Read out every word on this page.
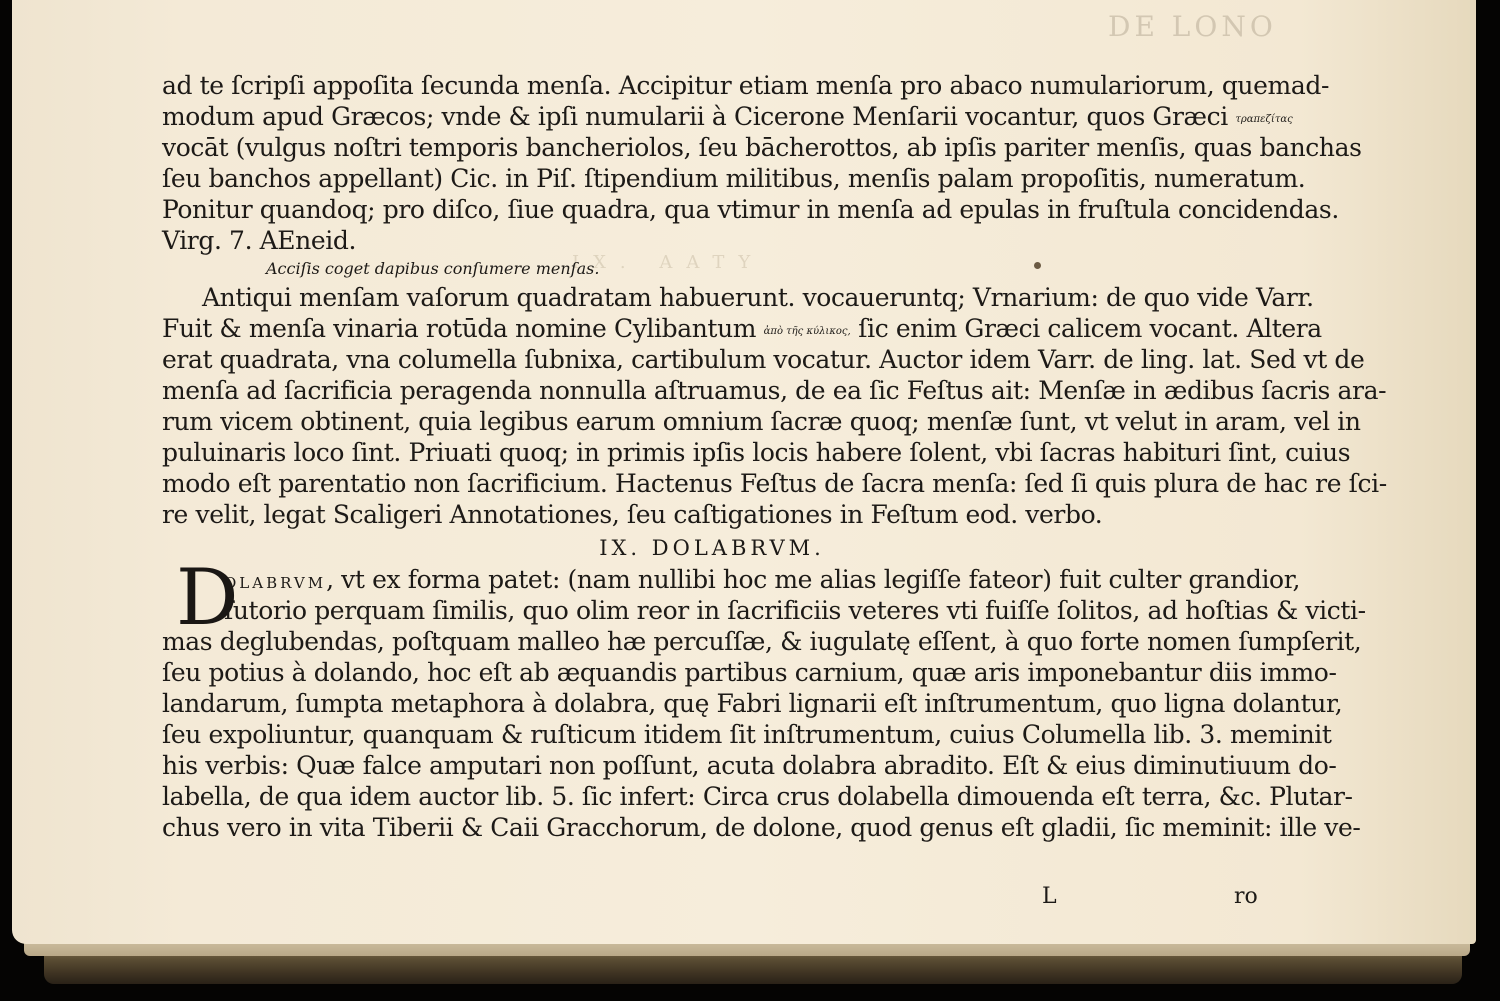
DE LONO
IX. AATY
ad te ſcripſi appoſita ſecunda menſa. Accipitur etiam menſa pro abaco numulariorum, quemad-
modum apud Græcos; vnde & ipſi numularii à Cicerone Menſarii vocantur, quos Græci τραπεζίτας
vocāt (vulgus noſtri temporis bancheriolos, ſeu bācherottos, ab ipſis pariter menſis, quas banchas
ſeu banchos appellant) Cic. in Piſ. ſtipendium militibus, menſis palam propoſitis, numeratum.
Ponitur quandoq; pro diſco, ſiue quadra, qua vtimur in menſa ad epulas in fruſtula concidendas.
Virg. 7. AEneid.
Acciſis coget dapibus conſumere menſas.
Antiqui menſam vaſorum quadratam habuerunt. vocaueruntq; Vrnarium: de quo vide Varr.
Fuit & menſa vinaria rotūda nomine Cylibantum ἀπὸ τῆς κύλικος, ſic enim Græci calicem vocant. Altera
erat quadrata, vna columella ſubnixa, cartibulum vocatur. Auctor idem Varr. de ling. lat. Sed vt de
menſa ad ſacrificia peragenda nonnulla aſtruamus, de ea ſic Feſtus ait: Menſæ in ædibus ſacris ara-
rum vicem obtinent, quia legibus earum omnium ſacræ quoq; menſæ ſunt, vt velut in aram, vel in
puluinaris loco ſint. Priuati quoq; in primis ipſis locis habere ſolent, vbi ſacras habituri ſint, cuius
modo eſt parentatio non ſacrificium. Hactenus Feſtus de ſacra menſa: ſed ſi quis plura de hac re ſci-
re velit, legat Scaligeri Annotationes, ſeu caſtigationes in Feſtum eod. verbo.
IX. DOLABRVM.
D
OLABRVM, vt ex forma patet: (nam nullibi hoc me alias legiſſe fateor) fuit culter grandior,
ſutorio perquam ſimilis, quo olim reor in ſacrificiis veteres vti fuiſſe ſolitos, ad hoſtias & victi-
mas deglubendas, poſtquam malleo hæ percuſſæ, & iugulatę eſſent, à quo forte nomen ſumpſerit,
ſeu potius à dolando, hoc eſt ab æquandis partibus carnium, quæ aris imponebantur diis immo-
landarum, ſumpta metaphora à dolabra, quę Fabri lignarii eſt inſtrumentum, quo ligna dolantur,
ſeu expoliuntur, quanquam & ruſticum itidem ſit inſtrumentum, cuius Columella lib. 3. meminit
his verbis: Quæ falce amputari non poſſunt, acuta dolabra abradito. Eſt & eius diminutiuum do-
labella, de qua idem auctor lib. 5. ſic infert: Circa crus dolabella dimouenda eſt terra, &c. Plutar-
chus vero in vita Tiberii & Caii Gracchorum, de dolone, quod genus eſt gladii, ſic meminit: ille ve-
L	ro
